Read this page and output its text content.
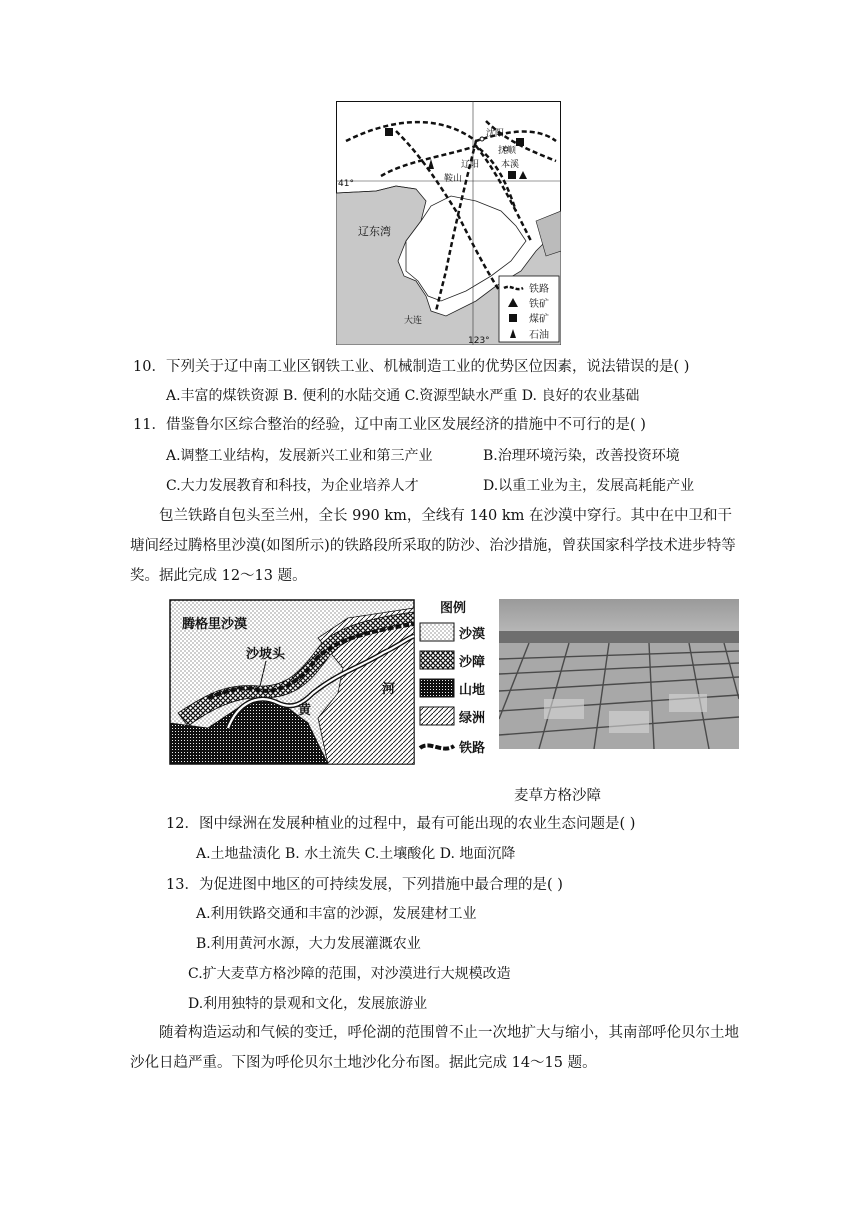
沈阳
抚顺
辽阳 本溪
鞍山
41°
辽东湾
大连
123°
铁路
铁矿
煤矿
石油
10．下列关于辽中南工业区钢铁工业、机械制造工业的优势区位因素，说法错误的是( )
A.丰富的煤铁资源 B. 便利的水陆交通 C.资源型缺水严重 D. 良好的农业基础
11．借鉴鲁尔区综合整治的经验，辽中南工业区发展经济的措施中不可行的是( )
A.调整工业结构，发展新兴工业和第三产业	B.治理环境污染，改善投资环境
C.大力发展教育和科技，为企业培养人才	D.以重工业为主，发展高耗能产业
包兰铁路自包头至兰州，全长 990 km，全线有 140 km 在沙漠中穿行。其中在中卫和干塘间经过腾格里沙漠(如图所示)的铁路段所采取的防沙、治沙措施，曾获国家科学技术进步特等奖。据此完成 12～13 题。
腾格里沙漠
沙坡头
黄
河
图例
沙漠
沙障
山地
绿洲
铁路
麦草方格沙障
12．图中绿洲在发展种植业的过程中，最有可能出现的农业生态问题是( )
A.土地盐渍化 B. 水土流失 C.土壤酸化 D. 地面沉降
13．为促进图中地区的可持续发展，下列措施中最合理的是( )
A.利用铁路交通和丰富的沙源，发展建材工业
B.利用黄河水源，大力发展灌溉农业
C.扩大麦草方格沙障的范围，对沙漠进行大规模改造
D.利用独特的景观和文化，发展旅游业
随着构造运动和气候的变迁，呼伦湖的范围曾不止一次地扩大与缩小，其南部呼伦贝尔土地沙化日趋严重。下图为呼伦贝尔土地沙化分布图。据此完成 14～15 题。
